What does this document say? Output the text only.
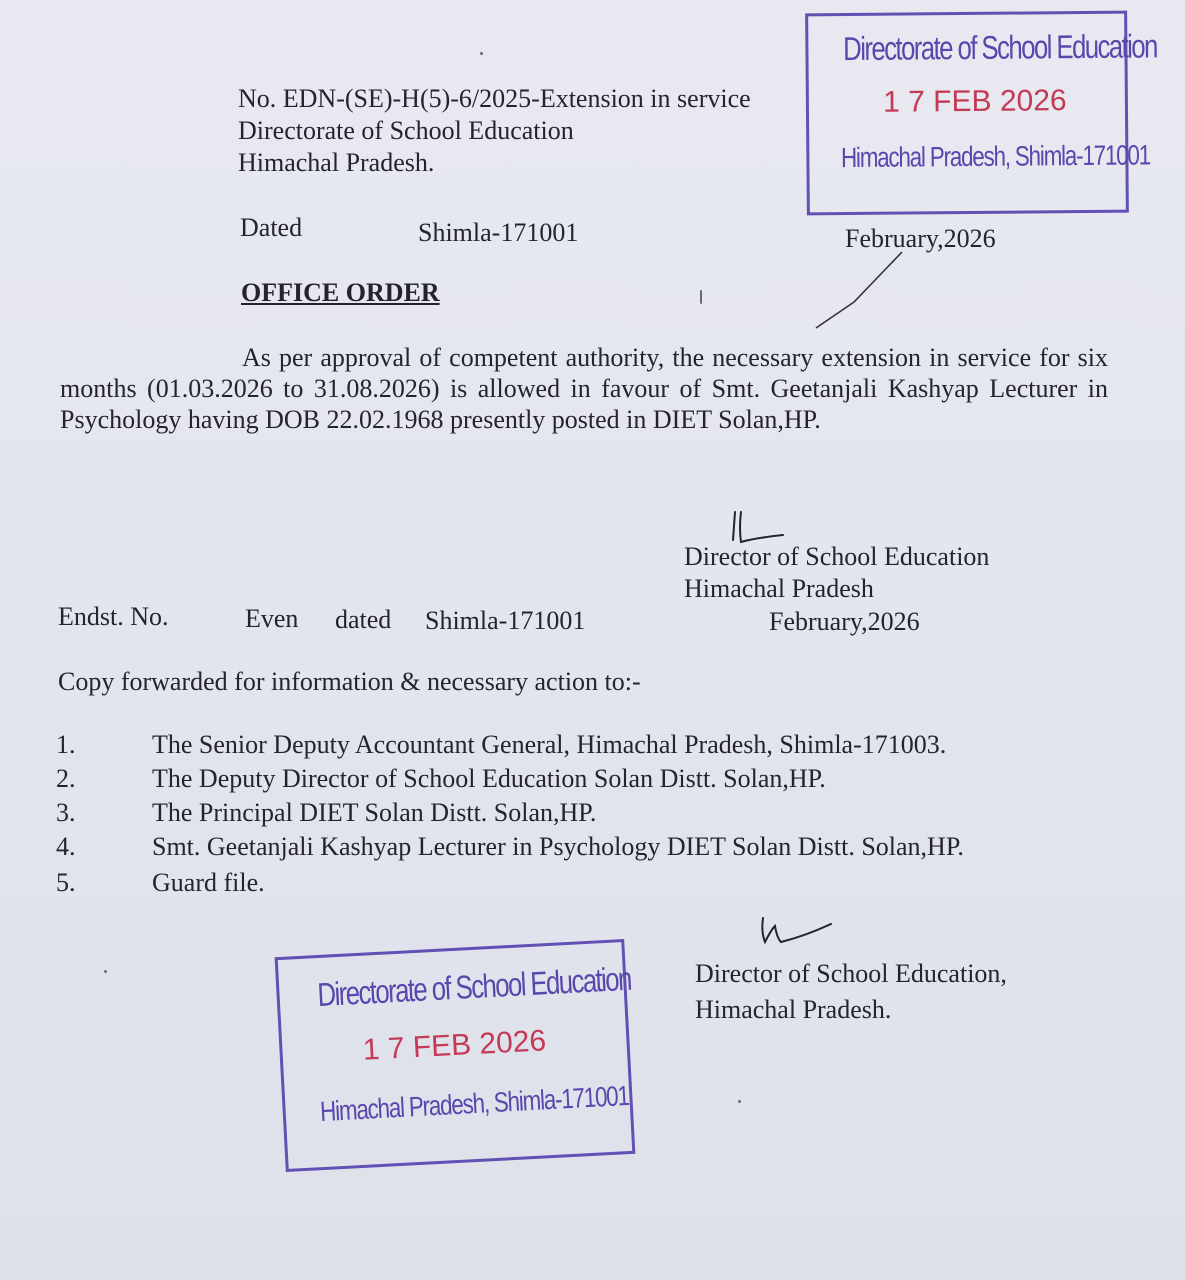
No. EDN-(SE)-H(5)-6/2025-Extension in service
Directorate of School Education
Himachal Pradesh.
Dated	Shimla-171001	February,2026
Directorate of School Education
1 7 FEB 2026
Himachal Pradesh, Shimla-171001
OFFICE ORDER
As per approval of competent authority, the necessary extension in service for six months (01.03.2026 to 31.08.2026) is allowed in favour of Smt. Geetanjali Kashyap Lecturer in Psychology having DOB 22.02.1968 presently posted in DIET Solan,HP.
Director of School Education
Himachal Pradesh
Endst. No.	Even dated Shimla-171001	February,2026
Copy forwarded for information & necessary action to:-
1.	The Senior Deputy Accountant General, Himachal Pradesh, Shimla-171003.
2.	The Deputy Director of School Education Solan Distt. Solan,HP.
3.	The Principal DIET Solan Distt. Solan,HP.
4.	Smt. Geetanjali Kashyap Lecturer in Psychology DIET Solan Distt. Solan,HP.
5.	Guard file.
Directorate of School Education
1 7 FEB 2026
Himachal Pradesh, Shimla-171001
Director of School Education,
Himachal Pradesh.
